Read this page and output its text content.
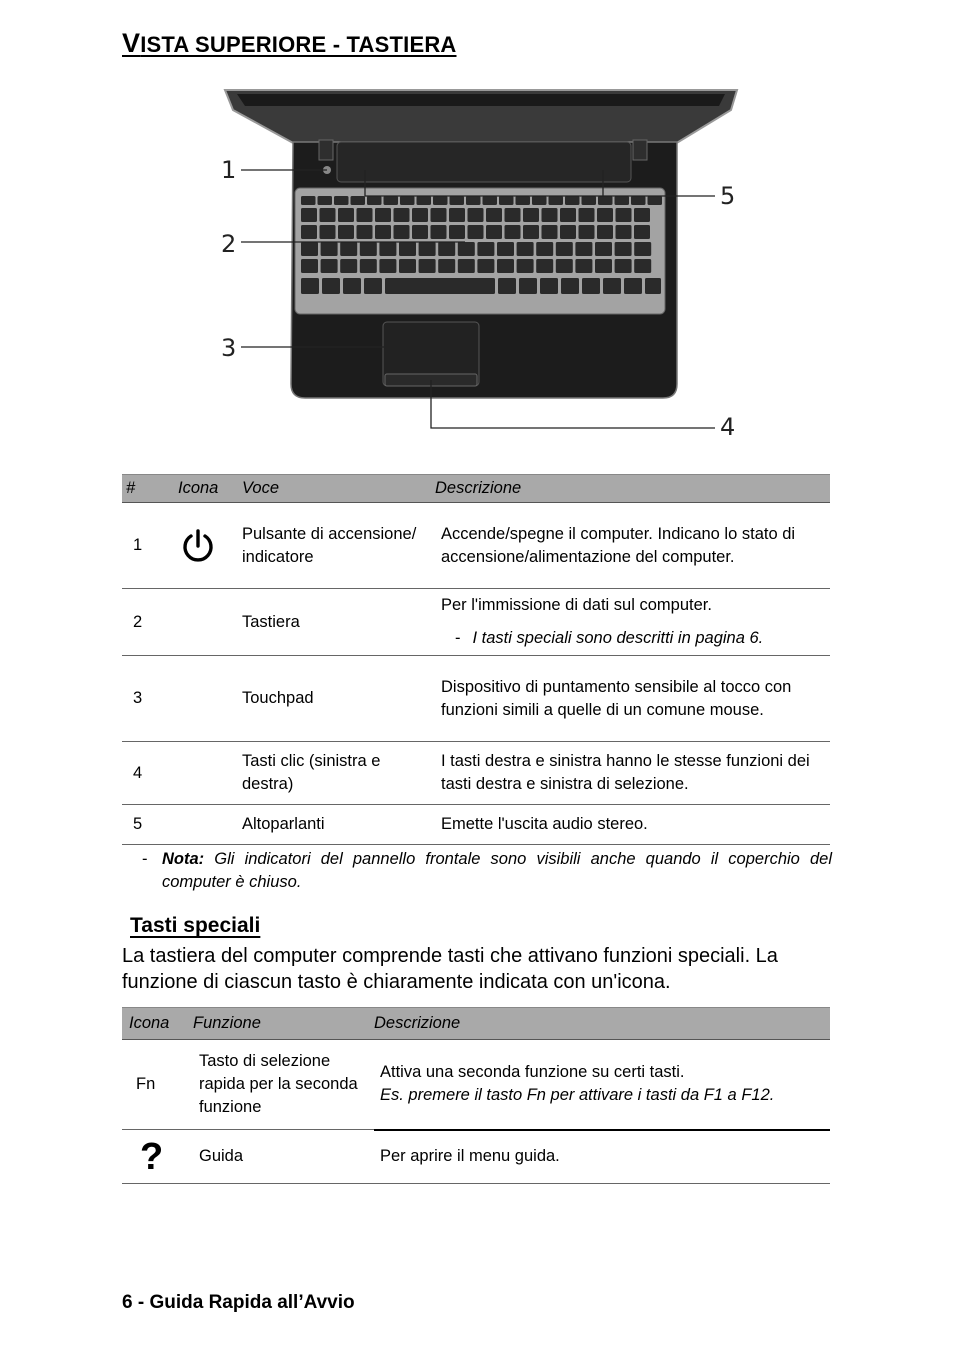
VISTA SUPERIORE - TASTIERA
1
2
3
4
5
#	Icona	Voce	Descrizione
1		Pulsante di accensione/ indicatore	Accende/spegne il computer. Indicano lo stato di accensione/alimentazione del computer.
2		Tastiera	Per l'immissione di dati sul computer.
- I tasti speciali sono descritti in pagina 6.

3		Touchpad	Dispositivo di puntamento sensibile al tocco con funzioni simili a quelle di un comune mouse.
4		Tasti clic (sinistra e destra)	I tasti destra e sinistra hanno le stesse funzioni dei tasti destra e sinistra di selezione.
5		Altoparlanti	Emette l'uscita audio stereo.
- Nota: Gli indicatori del pannello frontale sono visibili anche quando il coperchio del computer è chiuso.
Tasti speciali

La tastiera del computer comprende tasti che attivano funzioni speciali. La funzione di ciascun tasto è chiaramente indicata con un'icona.

Icona	Funzione	Descrizione
Fn	Tasto di selezione rapida per la seconda funzione	Attiva una seconda funzione su certi tasti.
Es. premere il tasto Fn per attivare i tasti da F1 a F12.

?	Guida	Per aprire il menu guida.
6 - Guida Rapida all’Avvio
